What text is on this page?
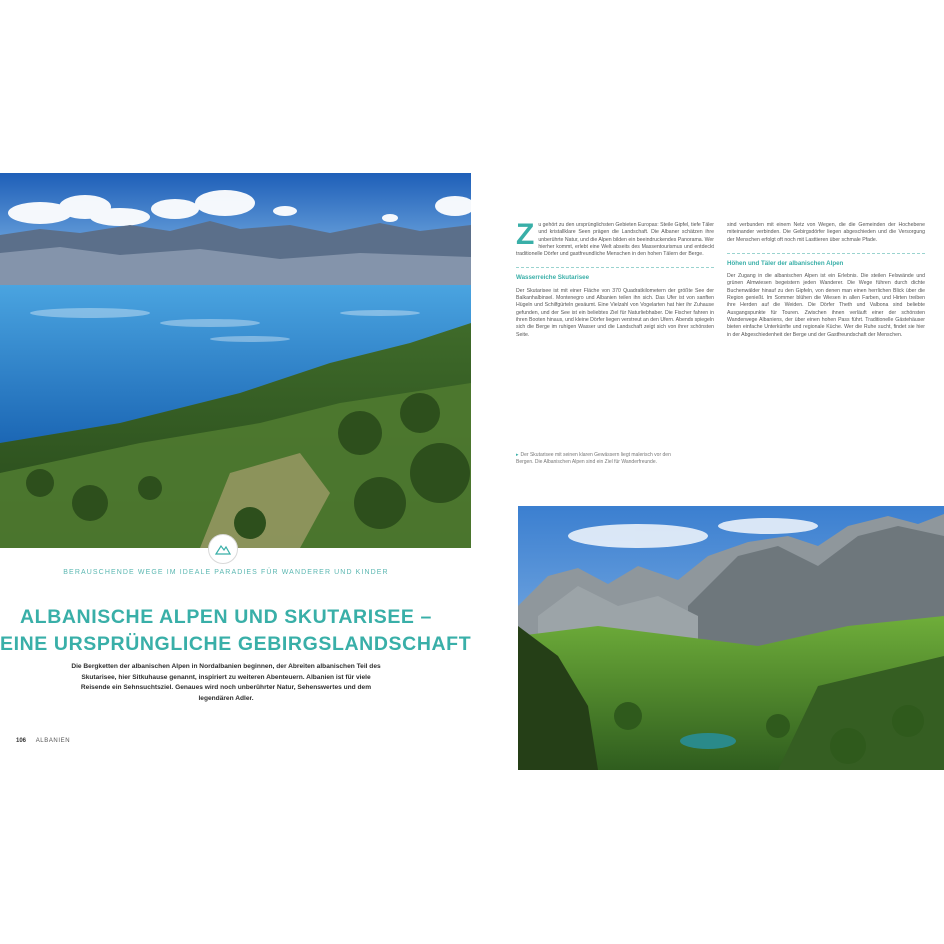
BERAUSCHENDE WEGE IM IDEALE PARADIES FÜR WANDERER UND KINDER
ALBANISCHE ALPEN UND SKUTARISEE –
EINE URSPRÜNGLICHE GEBIRGSLANDSCHAFT
Die Bergketten der albanischen Alpen in Nordalbanien beginnen, der Abreiten albanischen Teil des Skutarisee, hier Sitkuhause genannt, inspiriert zu weiteren Abenteuern. Albanien ist für viele Reisende ein Sehnsuchtsziel. Genaues wird noch unberührter Natur, Sehenswertes und dem legendären Adler.
106 ALBANIEN

Zu gehört zu den ursprünglichsten Gebieten Europas: Steile Gipfel, tiefe Täler und kristallklare Seen prägen die Landschaft. Die Albaner schätzen ihre unberührte Natur, und die Alpen bilden ein beeindruckendes Panorama. Wer hierher kommt, erlebt eine Welt abseits des Massentourismus und entdeckt traditionelle Dörfer und gastfreundliche Menschen in den hohen Tälern der Berge.

Wasserreiche Skutarisee

Der Skutarisee ist mit einer Fläche von 370 Quadratkilometern der größte See der Balkanhalbinsel. Montenegro und Albanien teilen ihn sich. Das Ufer ist von sanften Hügeln und Schilfgürteln gesäumt. Eine Vielzahl von Vogelarten hat hier ihr Zuhause gefunden, und der See ist ein beliebtes Ziel für Naturliebhaber. Die Fischer fahren in ihren Booten hinaus, und kleine Dörfer liegen verstreut an den Ufern. Abends spiegeln sich die Berge im ruhigen Wasser und die Landschaft zeigt sich von ihrer schönsten Seite.

▸ Der Skutarisee mit seinen klaren Gewässern liegt malerisch vor den Bergen. Die Albanischen Alpen sind ein Ziel für Wanderfreunde.

sind verbunden mit einem Netz von Wegen, die die Gemeinden der Hochebene miteinander verbinden. Die Gebirgsdörfer liegen abgeschieden und die Versorgung der Menschen erfolgt oft noch mit Lasttieren über schmale Pfade.

Höhen und Täler der albanischen Alpen

Der Zugang in die albanischen Alpen ist ein Erlebnis. Die steilen Felswände und grünen Almwiesen begeistern jeden Wanderer. Die Wege führen durch dichte Buchenwälder hinauf zu den Gipfeln, von denen man einen herrlichen Blick über die Region genießt. Im Sommer blühen die Wiesen in allen Farben, und Hirten treiben ihre Herden auf die Weiden. Die Dörfer Theth und Valbona sind beliebte Ausgangspunkte für Touren. Zwischen ihnen verläuft einer der schönsten Wanderwege Albaniens, der über einen hohen Pass führt. Traditionelle Gästehäuser bieten einfache Unterkünfte und regionale Küche. Wer die Ruhe sucht, findet sie hier in der Abgeschiedenheit der Berge und der Gastfreundschaft der Menschen.
